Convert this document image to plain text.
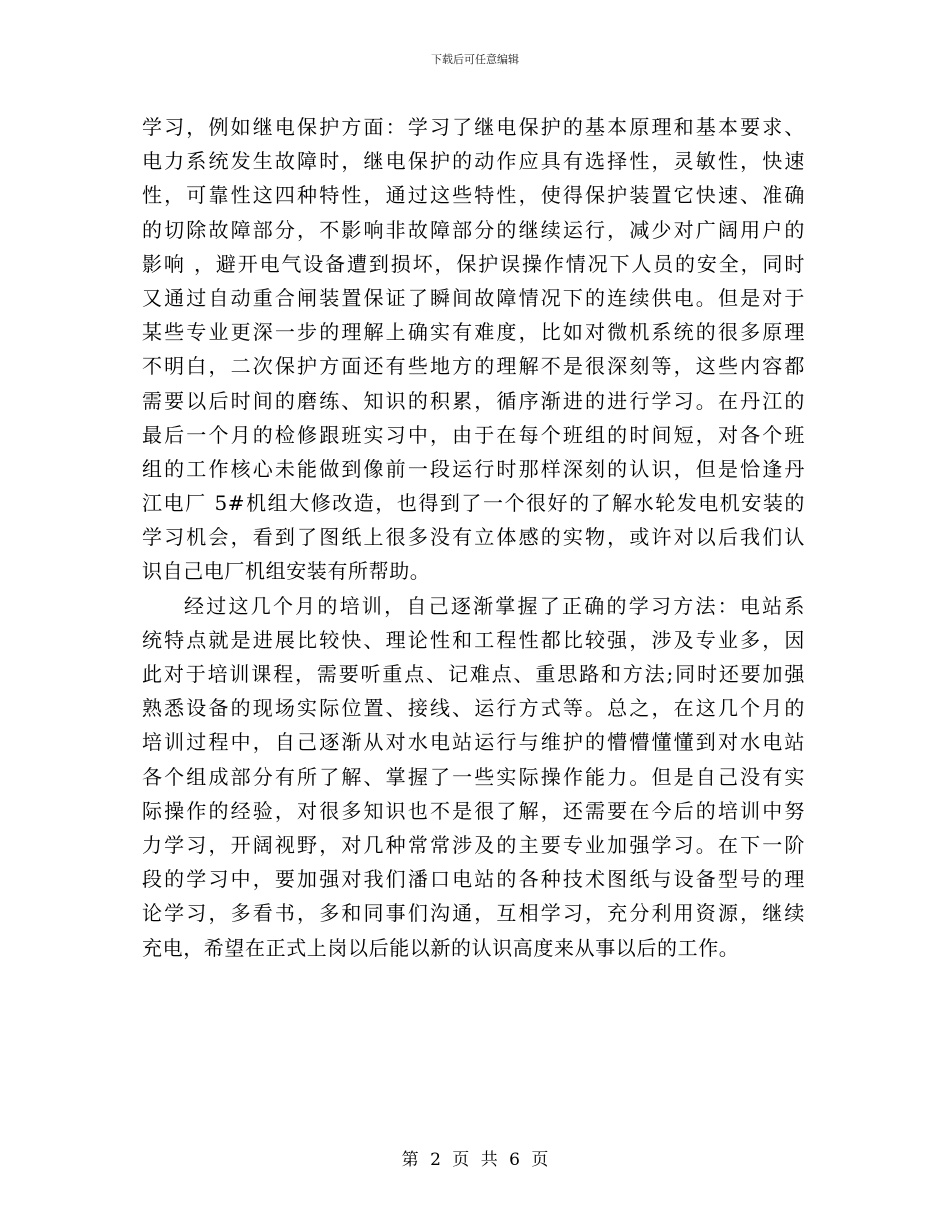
下载后可任意编辑
学习，例如继电保护方面：学习了继电保护的基本原理和基本要求、
电力系统发生故障时，继电保护的动作应具有选择性，灵敏性，快速
性，可靠性这四种特性，通过这些特性，使得保护装置它快速、准确
的切除故障部分，不影响非故障部分的继续运行，减少对广阔用户的
影响 ，避开电气设备遭到损坏，保护误操作情况下人员的安全，同时
又通过自动重合闸装置保证了瞬间故障情况下的连续供电。但是对于
某些专业更深一步的理解上确实有难度，比如对微机系统的很多原理
不明白，二次保护方面还有些地方的理解不是很深刻等，这些内容都
需要以后时间的磨练、知识的积累，循序渐进的进行学习。在丹江的
最后一个月的检修跟班实习中，由于在每个班组的时间短，对各个班
组的工作核心未能做到像前一段运行时那样深刻的认识，但是恰逢丹
江电厂 5#机组大修改造，也得到了一个很好的了解水轮发电机安装的
学习机会，看到了图纸上很多没有立体感的实物，或许对以后我们认
识自己电厂机组安装有所帮助。
经过这几个月的培训，自己逐渐掌握了正确的学习方法：电站系
统特点就是进展比较快、理论性和工程性都比较强，涉及专业多，因
此对于培训课程，需要听重点、记难点、重思路和方法;同时还要加强
熟悉设备的现场实际位置、接线、运行方式等。总之，在这几个月的
培训过程中，自己逐渐从对水电站运行与维护的懵懵懂懂到对水电站
各个组成部分有所了解、掌握了一些实际操作能力。但是自己没有实
际操作的经验，对很多知识也不是很了解，还需要在今后的培训中努
力学习，开阔视野，对几种常常涉及的主要专业加强学习。在下一阶
段的学习中，要加强对我们潘口电站的各种技术图纸与设备型号的理
论学习，多看书，多和同事们沟通，互相学习，充分利用资源，继续
充电，希望在正式上岗以后能以新的认识高度来从事以后的工作。
第 2 页 共 6 页
